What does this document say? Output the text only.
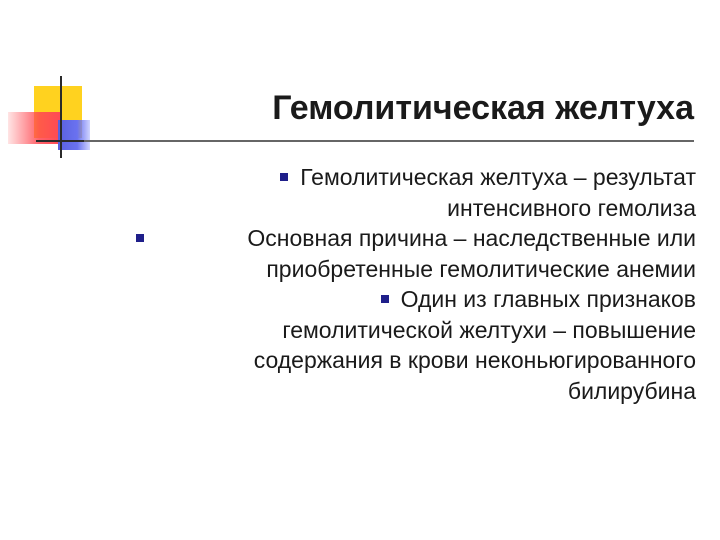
Гемолитическая желтуха
Гемолитическая желтуха – результат
интенсивного гемолиза
Основная причина – наследственные или
приобретенные гемолитические анемии
Один из главных признаков
гемолитической желтухи – повышение
содержания в крови неконьюгированного
билирубина
